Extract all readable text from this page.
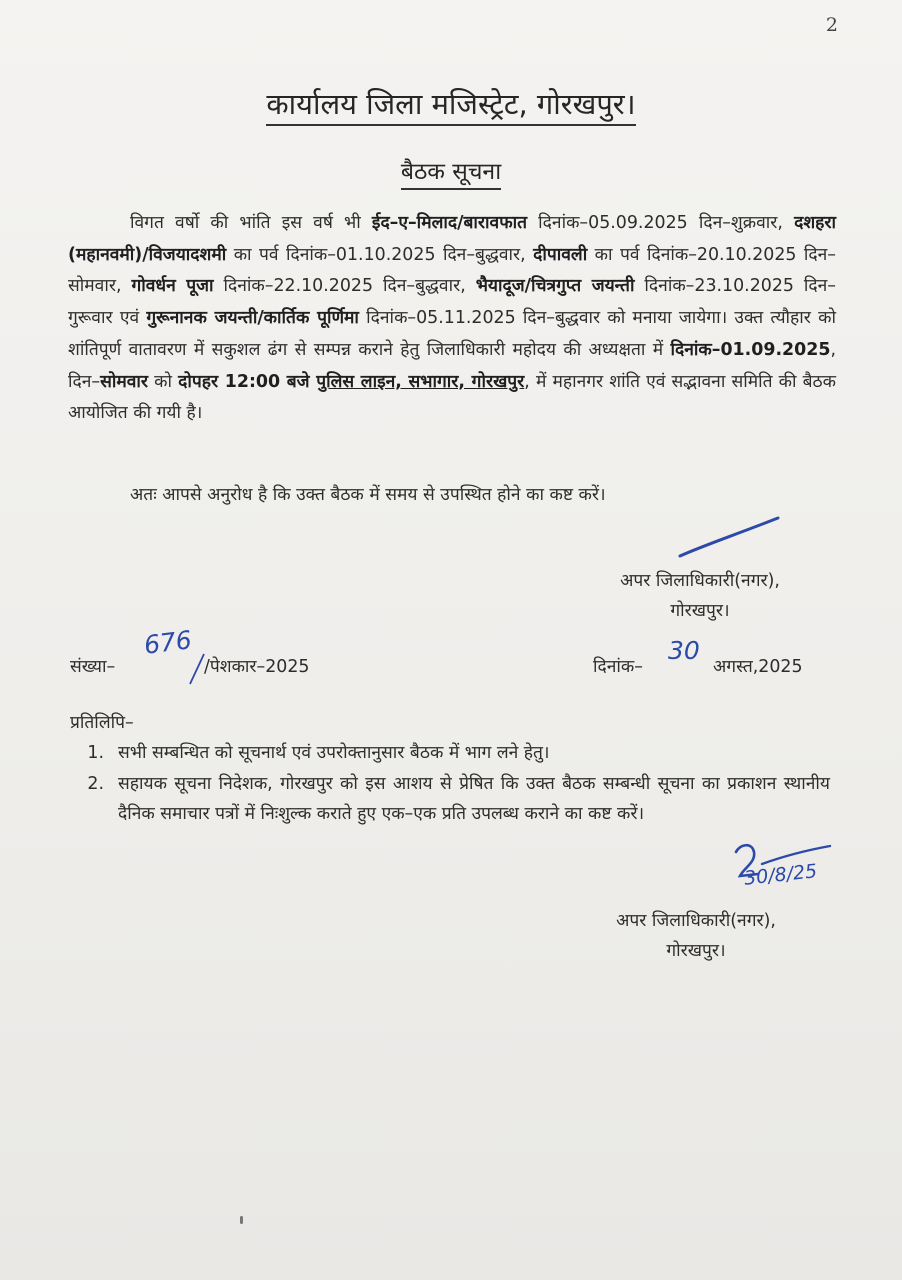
2
कार्यालय जिला मजिस्ट्रेट, गोरखपुर।
बैठक सूचना
विगत वर्षो की भांति इस वर्ष भी ईद–ए–मिलाद/बारावफात दिनांक–05.09.2025 दिन–शुक्रवार, दशहरा (महानवमी)/विजयादशमी का पर्व दिनांक–01.10.2025 दिन–बुद्धवार, दीपावली का पर्व दिनांक–20.10.2025 दिन–सोमवार, गोवर्धन पूजा दिनांक–22.10.2025 दिन–बुद्धवार, भैयादूज/चित्रगुप्त जयन्ती दिनांक–23.10.2025 दिन–गुरूवार एवं गुरूनानक जयन्ती/कार्तिक पूर्णिमा दिनांक–05.11.2025 दिन–बुद्धवार को मनाया जायेगा। उक्त त्यौहार को शांतिपूर्ण वातावरण में सकुशल ढंग से सम्पन्न कराने हेतु जिलाधिकारी महोदय की अध्यक्षता में दिनांक–01.09.2025, दिन–सोमवार को दोपहर 12:00 बजे पुलिस लाइन, सभागार, गोरखपुर, में महानगर शांति एवं सद्भावना समिति की बैठक आयोजित की गयी है।
अतः आपसे अनुरोध है कि उक्त बैठक में समय से उपस्थित होने का कष्ट करें।
अपर जिलाधिकारी(नगर),
गोरखपुर।
संख्या–
676
/पेशकार–2025	दिनांक–
30
अगस्त,2025
प्रतिलिपि–
1. सभी सम्बन्धित को सूचनार्थ एवं उपरोक्तानुसार बैठक में भाग लने हेतु।
2. सहायक सूचना निदेशक, गोरखपुर को इस आशय से प्रेषित कि उक्त बैठक सम्बन्धी सूचना का प्रकाशन स्थानीय दैनिक समाचार पत्रों में निःशुल्क कराते हुए एक–एक प्रति उपलब्ध कराने का कष्ट करें।
30/8/25
अपर जिलाधिकारी(नगर),
गोरखपुर।
